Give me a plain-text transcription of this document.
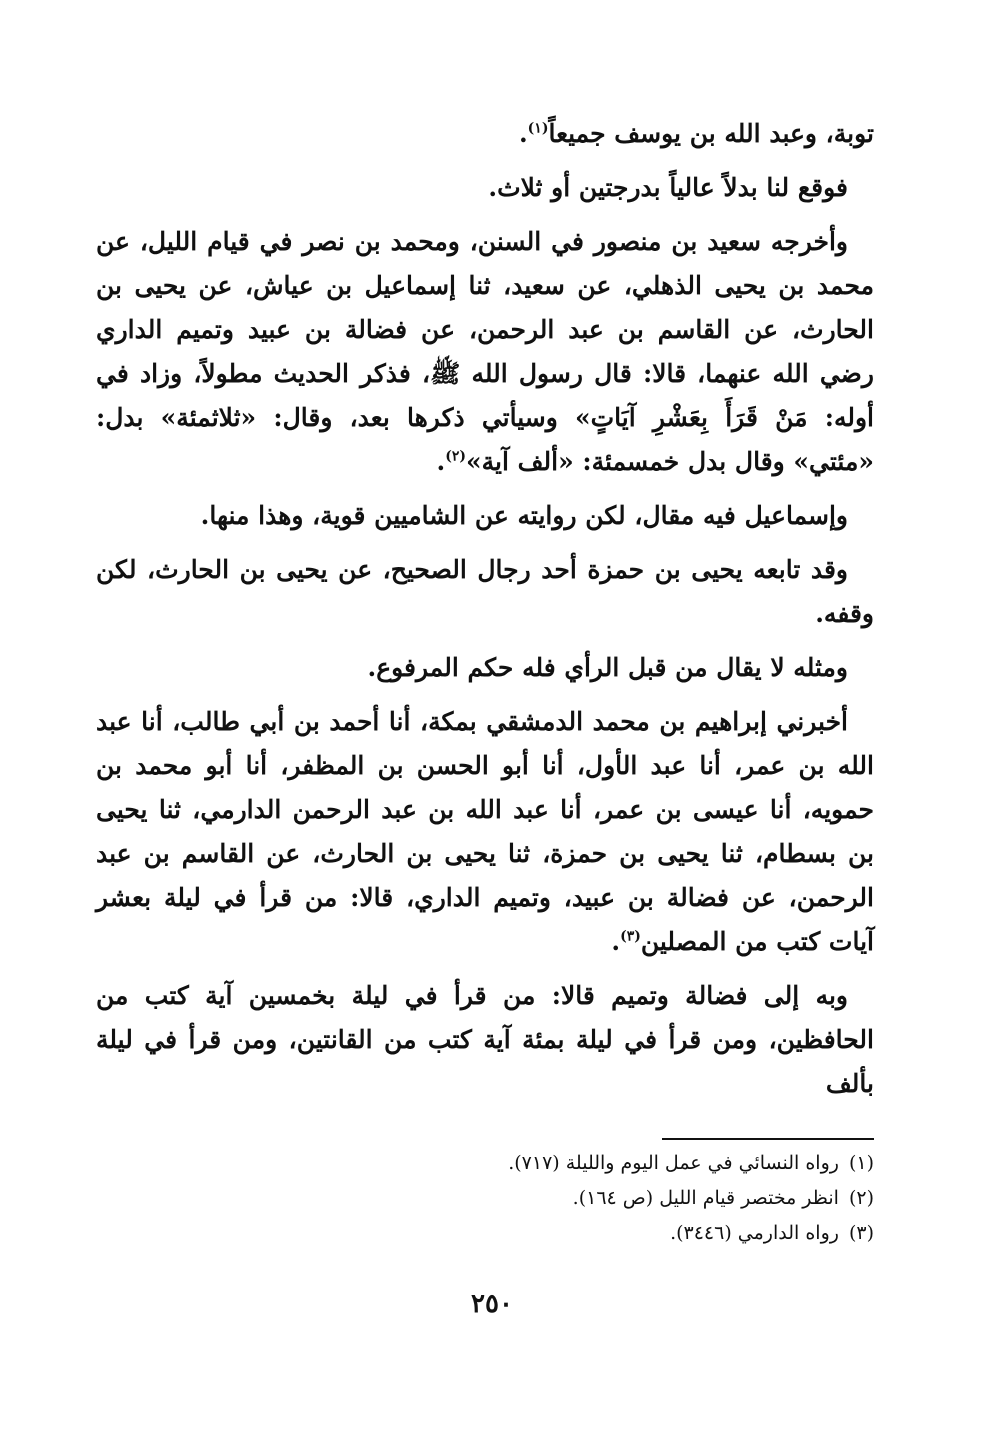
توبة، وعبد الله بن يوسف جميعاً$^{(١)}$.

فوقع لنا بدلاً عالياً بدرجتين أو ثلاث.

وأخرجه سعيد بن منصور في السنن، ومحمد بن نصر في قيام الليل، عن محمد بن يحيى الذهلي، عن سعيد، ثنا إسماعيل بن عياش، عن يحيى بن الحارث، عن القاسم بن عبد الرحمن، عن فضالة بن عبيد وتميم الداري رضي الله عنهما، قالا: قال رسول الله ﷺ، فذكر الحديث مطولاً، وزاد في أوله: مَنْ قَرَأَ بِعَشْرِ آيَاتٍ» وسيأتي ذكرها بعد، وقال: «ثلاثمئة» بدل: «مئتي» وقال بدل خمسمئة: «ألف آية»$^{(٢)}$.

وإسماعيل فيه مقال، لكن روايته عن الشاميين قوية، وهذا منها.

وقد تابعه يحيى بن حمزة أحد رجال الصحيح، عن يحيى بن الحارث، لكن وقفه.

ومثله لا يقال من قبل الرأي فله حكم المرفوع.

أخبرني إبراهيم بن محمد الدمشقي بمكة، أنا أحمد بن أبي طالب، أنا عبد الله بن عمر، أنا عبد الأول، أنا أبو الحسن بن المظفر، أنا أبو محمد بن حمويه، أنا عيسى بن عمر، أنا عبد الله بن عبد الرحمن الدارمي، ثنا يحيى بن بسطام، ثنا يحيى بن حمزة، ثنا يحيى بن الحارث، عن القاسم بن عبد الرحمن، عن فضالة بن عبيد، وتميم الداري، قالا: من قرأ في ليلة بعشر آيات كتب من المصلين$^{(٣)}$.

وبه إلى فضالة وتميم قالا: من قرأ في ليلة بخمسين آية كتب من الحافظين، ومن قرأ في ليلة بمئة آية كتب من القانتين، ومن قرأ في ليلة بألف

(١)رواه النسائي في عمل اليوم والليلة (٧١٧).

(٢)انظر مختصر قيام الليل (ص ١٦٤).

(٣)رواه الدارمي (٣٤٤٦).

٢٥٠
